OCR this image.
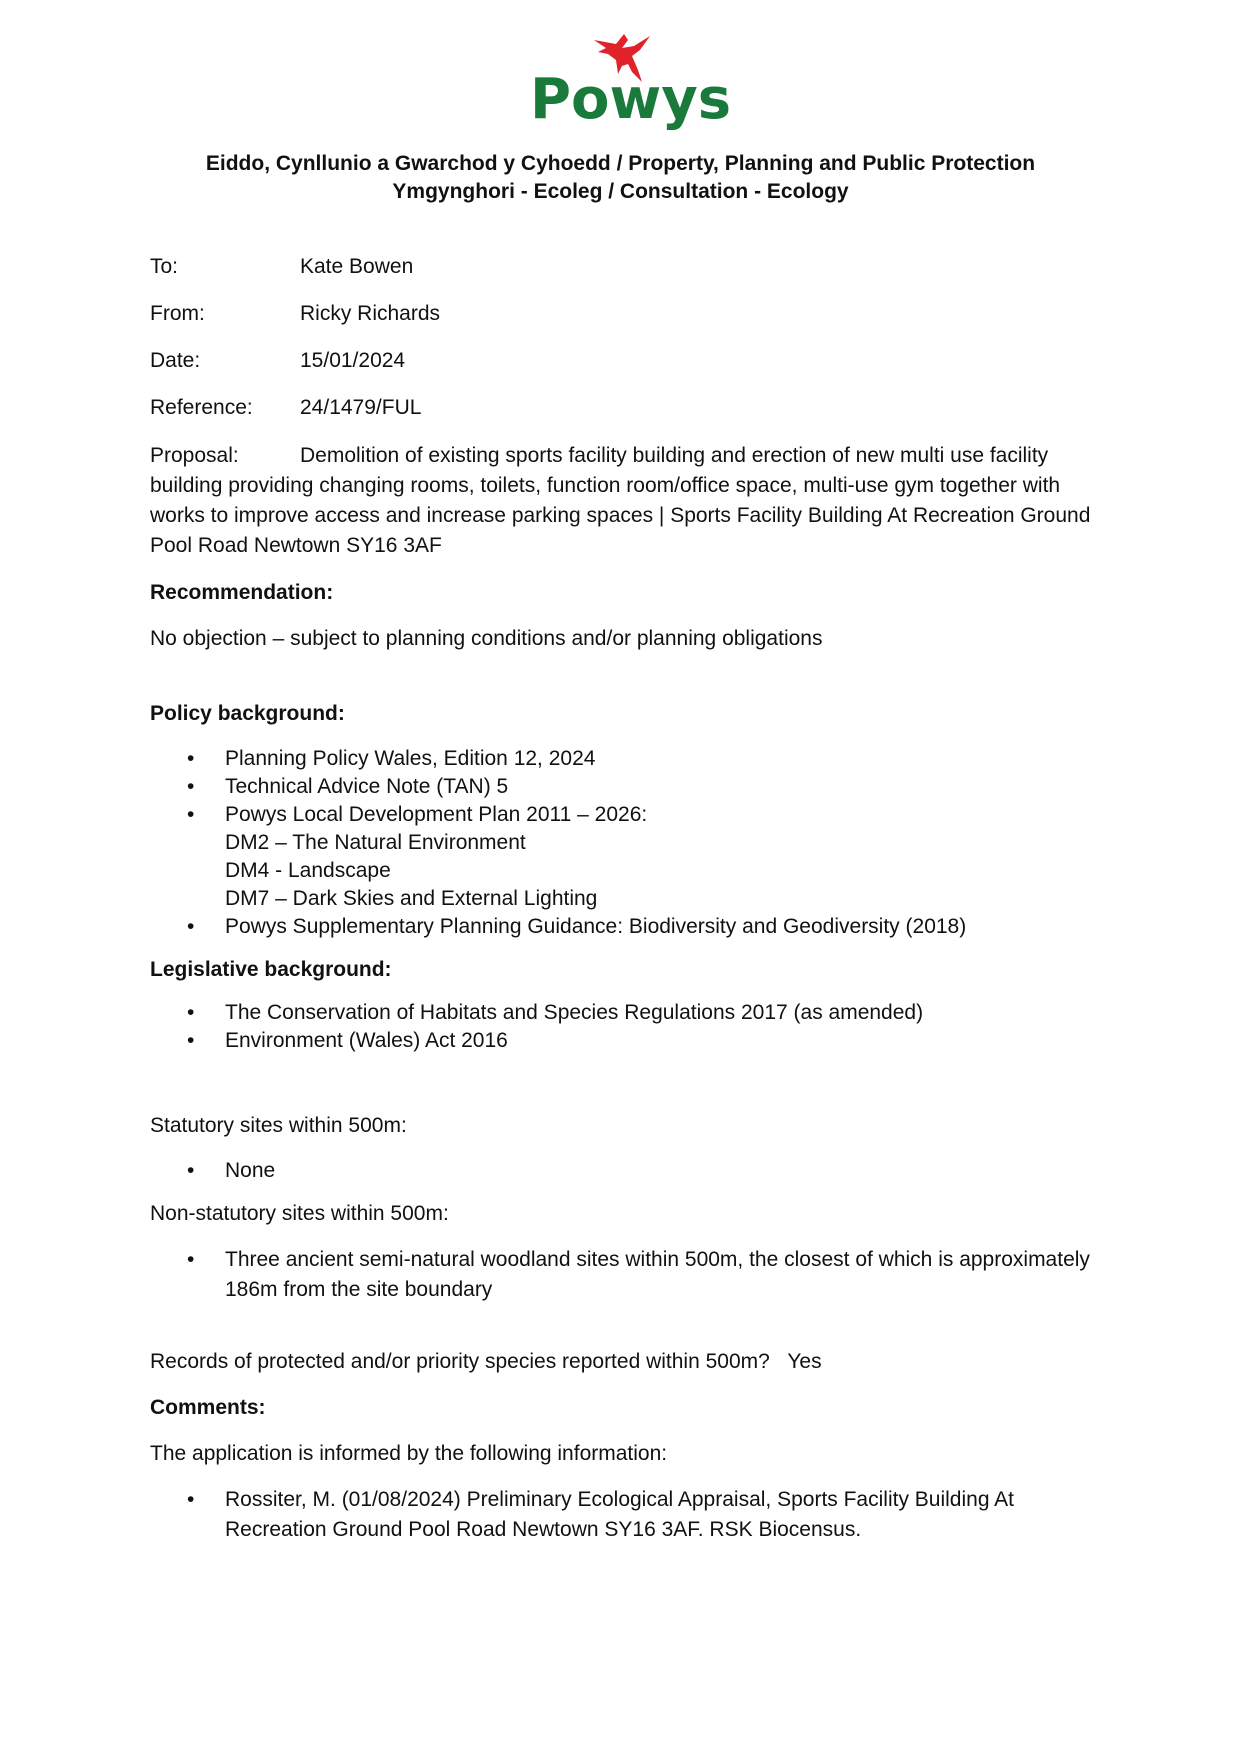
Powys
Eiddo, Cynllunio a Gwarchod y Cyhoedd / Property, Planning and Public Protection
Ymgynghori - Ecoleg / Consultation - Ecology
To:	Kate Bowen
From:	Ricky Richards
Date:	15/01/2024
Reference: 24/1479/FUL

Proposal:	Demolition of existing sports facility building and erection of new multi use facility building providing changing rooms, toilets, function room/office space, multi-use gym together with works to improve access and increase parking spaces | Sports Facility Building At Recreation Ground Pool Road Newtown SY16 3AF

Recommendation:

No objection – subject to planning conditions and/or planning obligations

Policy background:

• Planning Policy Wales, Edition 12, 2024
• Technical Advice Note (TAN) 5
• Powys Local Development Plan 2011 – 2026:
DM2 – The Natural Environment
DM4 - Landscape
DM7 – Dark Skies and External Lighting
• Powys Supplementary Planning Guidance: Biodiversity and Geodiversity (2018)

Legislative background:

• The Conservation of Habitats and Species Regulations 2017 (as amended)
• Environment (Wales) Act 2016

Statutory sites within 500m:

• None

Non-statutory sites within 500m:

• Three ancient semi-natural woodland sites within 500m, the closest of which is approximately 186m from the site boundary

Records of protected and/or priority species reported within 500m? Yes

Comments:

The application is informed by the following information:

• Rossiter, M. (01/08/2024) Preliminary Ecological Appraisal, Sports Facility Building At Recreation Ground Pool Road Newtown SY16 3AF. RSK Biocensus.
